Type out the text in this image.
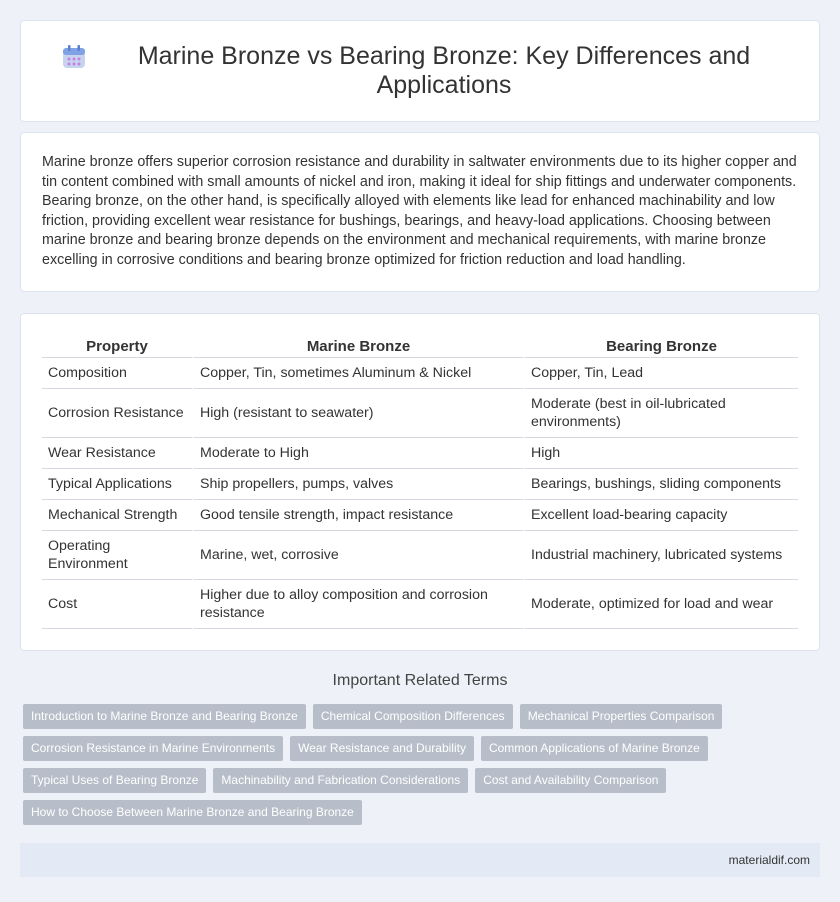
Marine Bronze vs Bearing Bronze: Key Differences and Applications

Marine bronze offers superior corrosion resistance and durability in saltwater environments due to its higher copper and tin content combined with small amounts of nickel and iron, making it ideal for ship fittings and underwater components. Bearing bronze, on the other hand, is specifically alloyed with elements like lead for enhanced machinability and low friction, providing excellent wear resistance for bushings, bearings, and heavy-load applications. Choosing between marine bronze and bearing bronze depends on the environment and mechanical requirements, with marine bronze excelling in corrosive conditions and bearing bronze optimized for friction reduction and load handling.

Property	Marine Bronze	Bearing Bronze
Composition	Copper, Tin, sometimes Aluminum & Nickel	Copper, Tin, Lead
Corrosion Resistance	High (resistant to seawater)	Moderate (best in oil-lubricated environments)
Wear Resistance	Moderate to High	High
Typical Applications	Ship propellers, pumps, valves	Bearings, bushings, sliding components
Mechanical Strength	Good tensile strength, impact resistance	Excellent load-bearing capacity
Operating Environment	Marine, wet, corrosive	Industrial machinery, lubricated systems
Cost	Higher due to alloy composition and corrosion resistance	Moderate, optimized for load and wear
Important Related Terms
Introduction to Marine Bronze and Bearing Bronze	Chemical Composition Differences	Mechanical Properties Comparison
Corrosion Resistance in Marine Environments	Wear Resistance and Durability	Common Applications of Marine Bronze
Typical Uses of Bearing Bronze	Machinability and Fabrication Considerations	Cost and Availability Comparison
How to Choose Between Marine Bronze and Bearing Bronze
materialdif.com
